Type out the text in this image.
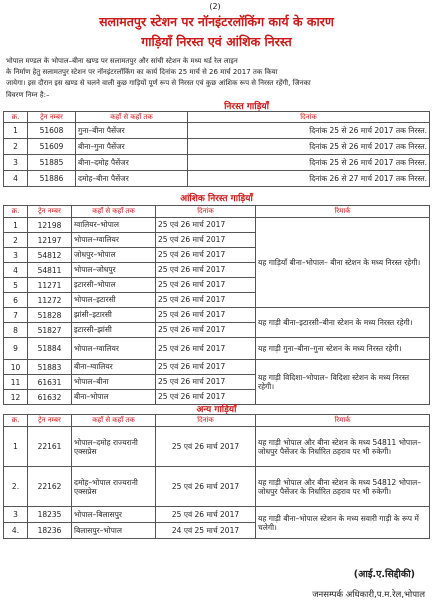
(2)
सलामतपुर स्टेशन पर नॉनइंटरलॉकिंग कार्य के कारण
गाड़ियाँ निरस्त एवं आंशिक निरस्त
भोपाल मण्डल के भोपाल–बीना खण्ड पर सलामतपुर और सांची स्टेशन के मध्य थर्ड रेल लाइन
के निर्माण हेतु सलामतपुर स्टेशन पर नॉनइंटरलॉकिंग का कार्य दिनांक 25 मार्च से 26 मार्च 2017 तक किया
जायेगा। इस दौरान इस खण्ड से चलने वाली कुछ गाड़ियों पूर्ण रूप से निरस्त एवं कुछ आंशिक रूप से निरस्त रहेंगी, जिनका
विवरण निम्न है:–
निरस्त गाड़ियाँ
क्र.	ट्रेन नम्बर	कहाँ से कहाँ तक	दिनांक
1	51608	गुना–बीना पैसेंजर	दिनांक 25 से 26 मार्च 2017 तक निरस्त.
2	51609	बीना–गुना पैसेंजर	दिनांक 25 से 26 मार्च 2017 तक निरस्त.
3	51885	बीना–दमोह पैसेंजर	दिनांक 25 से 26 मार्च 2017 तक निरस्त.
4	51886	दमोह–बीना पैसेंजर	दिनांक 26 से 27 मार्च 2017 तक निरस्त.
आंशिक निरस्त गाड़ियाँ
क्र.	ट्रेन नम्बर	कहाँ से कहाँ तक	दिनांक	रिमार्क
1	12198	ग्वालियर–भोपाल	25 एवं 26 मार्च 2017	यह गाड़ियाँ बीना–भोपाल– बीना स्टेशन के मध्य निरस्त रहेगी।
2	12197	भोपाल–ग्वालियर	25 एवं 26 मार्च 2017	
3	54812	जोधपुर–भोपाल	25 एवं 26 मार्च 2017	
4	54811	भोपाल–जोधपुर	25 एवं 26 मार्च 2017	
5	11271	इटारसी–भोपाल	25 एवं 26 मार्च 2017	
6	11272	भोपाल–इटारसी	25 एवं 26 मार्च 2017	
7	51828	झांसी–इटारसी	25 एवं 26 मार्च 2017	यह गाड़ी बीना–इटारसी–बीना स्टेशन के मध्य निरस्त रहेगी।
8	51827	इटारसी–झांसी	25 एवं 26 मार्च 2017	
9	51884	भोपाल–ग्वालियर	25 एवं 26 मार्च 2017	यह गाड़ी गुना–बीना–गुना स्टेशन के मध्य निरस्त रहेगी।
10	51883	बीना–ग्वालियर	25 एवं 26 मार्च 2017	यह गाड़ी विदिशा–भोपाल– विदिशा स्टेशन के मध्य निरस्त रहेगी।
11	61631	भोपाल–बीना	25 एवं 26 मार्च 2017	
12	61632	बीना–भोपाल	25 एवं 26 मार्च 2017	
अन्य गाड़ियाँ
क्र.	ट्रेन नम्बर	कहाँ से कहाँ तक	दिनांक	रिमार्क
1	22161	भोपाल–दमोह राज्यरानी एक्सप्रेस	25 एवं 26 मार्च 2017	यह गाड़ी भोपाल और बीना स्टेशन के मध्य 54811 भोपाल–जोधपुर पैसेंजर के निर्धारित ठहराव पर भी रुकेगी।
2.	22162	दमोह–भोपाल राज्यरानी एक्सप्रेस	25 एवं 26 मार्च 2017	यह गाड़ी भोपाल और बीना स्टेशन के मध्य 54812 भोपाल–जोधपुर पैसेंजर के निर्धारित ठहराव पर भी रुकेगी।
3	18235	भोपाल–बिलासपुर	25 एवं 26 मार्च 2017	यह गाड़ी बीना–भोपाल स्टेशन के मध्य सवारी गाड़ी के रूप में चलेगी।
4.	18236	बिलासपुर–भोपाल	24 एवं 25 मार्च 2017	
(आई.ए.सिद्दीकी)
जनसम्पर्क अधिकारी,प.म.रेल,भोपाल
